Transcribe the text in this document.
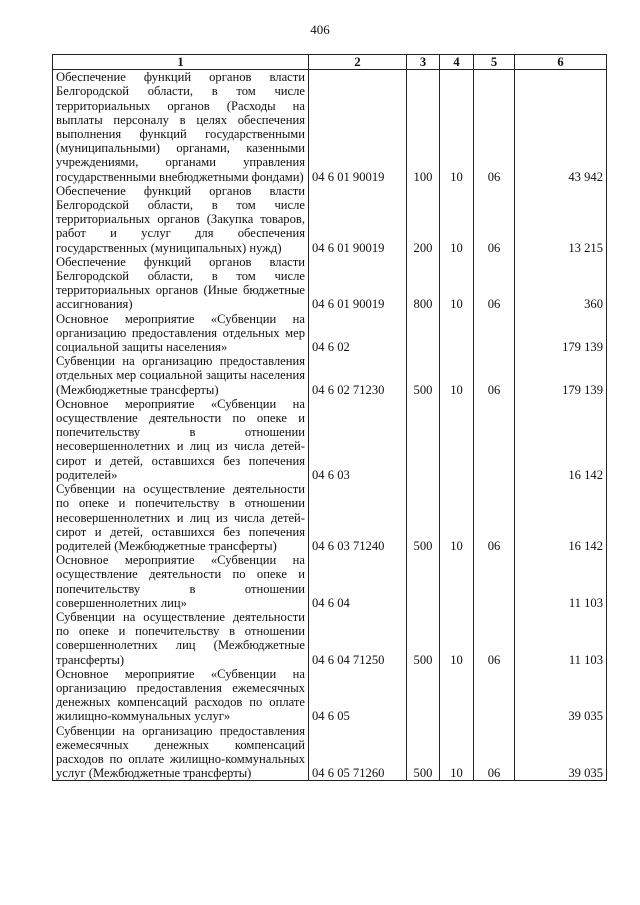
406
1	2	3	4	5	6
Обеспечение функций органов власти Белгородской области, в том числе территориальных органов (Расходы на выплаты персоналу в целях обеспечения выполнения функций государственными (муниципальными) органами, казенными учреждениями, органами управления государственными внебюджетными фондами)	04 6 01 90019	100	10	06	43 942
Обеспечение функций органов власти Белгородской области, в том числе территориальных органов (Закупка товаров, работ и услуг для обеспечения государственных (муниципальных) нужд)	04 6 01 90019	200	10	06	13 215
Обеспечение функций органов власти Белгородской области, в том числе территориальных органов (Иные бюджетные ассигнования)	04 6 01 90019	800	10	06	360
Основное мероприятие «Субвенции на организацию предоставления отдельных мер социальной защиты населения»	04 6 02				179 139
Субвенции на организацию предоставления отдельных мер социальной защиты населения (Межбюджетные трансферты)	04 6 02 71230	500	10	06	179 139
Основное мероприятие «Субвенции на осуществление деятельности по опеке и попечительству в отношении несовершеннолетних и лиц из числа детей-сирот и детей, оставшихся без попечения родителей»	04 6 03				16 142
Субвенции на осуществление деятельности по опеке и попечительству в отношении несовершеннолетних и лиц из числа детей-сирот и детей, оставшихся без попечения родителей (Межбюджетные трансферты)	04 6 03 71240	500	10	06	16 142
Основное мероприятие «Субвенции на осуществление деятельности по опеке и попечительству в отношении совершеннолетних лиц»	04 6 04				11 103
Субвенции на осуществление деятельности по опеке и попечительству в отношении совершеннолетних лиц (Межбюджетные трансферты)	04 6 04 71250	500	10	06	11 103
Основное мероприятие «Субвенции на организацию предоставления ежемесячных денежных компенсаций расходов по оплате жилищно-коммунальных услуг»	04 6 05				39 035
Субвенции на организацию предоставления ежемесячных денежных компенсаций расходов по оплате жилищно-коммунальных услуг (Межбюджетные трансферты)	04 6 05 71260	500	10	06	39 035
